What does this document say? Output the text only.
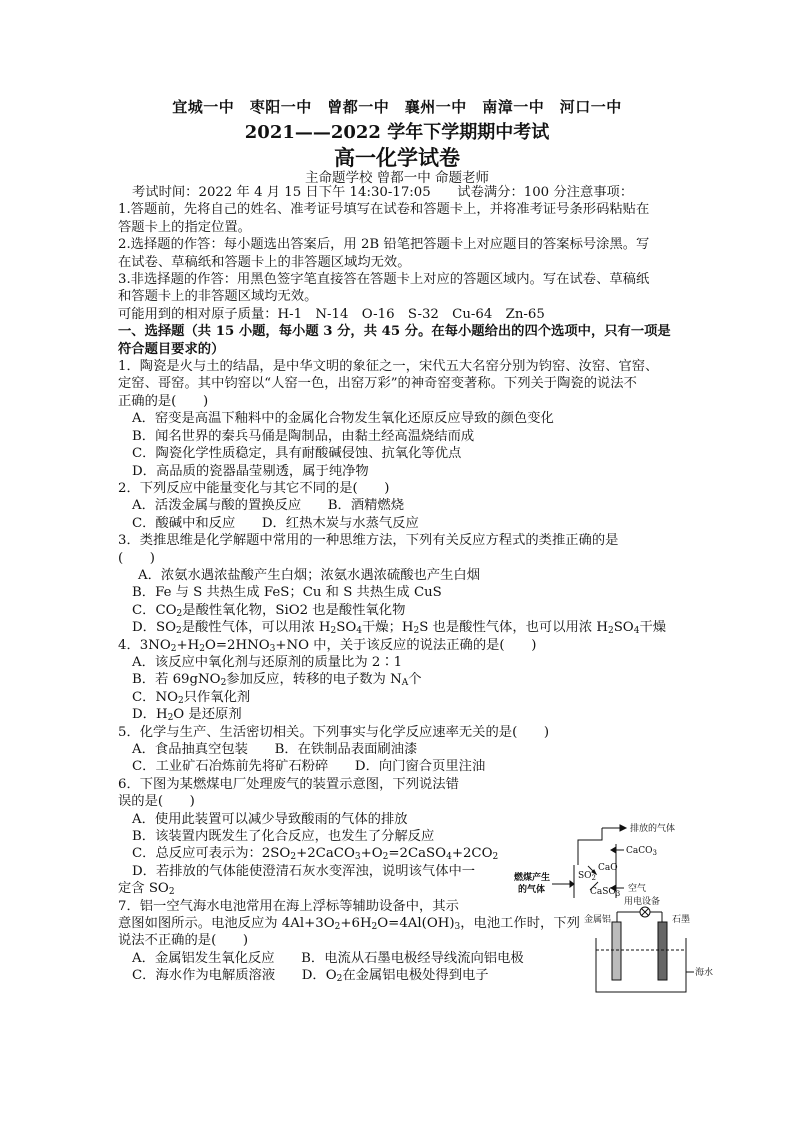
宜城一中　枣阳一中　曾都一中　襄州一中　南漳一中　河口一中
2021——2022 学年下学期期中考试
高一化学试卷
主命题学校 曾都一中 命题老师
考试时间：2022 年 4 月 15 日下午 14:30-17:05　　试卷满分：100 分注意事项：
1.答题前，先将自己的姓名、准考证号填写在试卷和答题卡上，并将准考证号条形码粘贴在
答题卡上的指定位置。
2.选择题的作答：每小题选出答案后，用 2B 铅笔把答题卡上对应题目的答案标号涂黑。写
在试卷、草稿纸和答题卡上的非答题区域均无效。
3.非选择题的作答：用黑色签字笔直接答在答题卡上对应的答题区域内。写在试卷、草稿纸
和答题卡上的非答题区域均无效。
可能用到的相对原子质量：H-1　N-14　O-16　S-32　Cu-64　Zn-65
一、选择题（共 15 小题，每小题 3 分，共 45 分。在每小题给出的四个选项中，只有一项是
符合题目要求的）
1．陶瓷是火与土的结晶，是中华文明的象征之一，宋代五大名窑分别为钧窑、汝窑、官窑、
定窑、哥窑。其中钧窑以“人窑一色，出窑万彩”的神奇窑变著称。下列关于陶瓷的说法不
正确的是(　　)
A．窑变是高温下釉料中的金属化合物发生氧化还原反应导致的颜色变化
B．闻名世界的秦兵马俑是陶制品，由黏土经高温烧结而成
C．陶瓷化学性质稳定，具有耐酸碱侵蚀、抗氧化等优点
D．高品质的瓷器晶莹剔透，属于纯净物
2．下列反应中能量变化与其它不同的是(　　)
A．活泼金属与酸的置换反应　　B．酒精燃烧
C．酸碱中和反应　　D．红热木炭与水蒸气反应
3．类推思维是化学解题中常用的一种思维方法，下列有关反应方程式的类推正确的是
(　　)
A．浓氨水遇浓盐酸产生白烟；浓氨水遇浓硫酸也产生白烟
B．Fe 与 S 共热生成 FeS；Cu 和 S 共热生成 CuS
C．$CO_2$是酸性氧化物，SiO2 也是酸性氧化物
D．$SO_2$是酸性气体，可以用浓 $H_2SO_4$干燥；$H_2S$ 也是酸性气体，也可以用浓 $H_2SO_4$干燥
4．$3NO_2+H_2O=2HNO_3+NO$ 中，关于该反应的说法正确的是(　　)
A．该反应中氧化剂与还原剂的质量比为 2∶1
B．若 69gNO$_2$参加反应，转移的电子数为 $N_A$个
C．$NO_2$只作氧化剂
D．$H_2O$ 是还原剂
5．化学与生产、生活密切相关。下列事实与化学反应速率无关的是(　　)
A．食品抽真空包装　　B．在铁制品表面刷油漆
C．工业矿石冶炼前先将矿石粉碎　　D．向门窗合页里注油
6．下图为某燃煤电厂处理废气的装置示意图，下列说法错
误的是(　　)
A．使用此装置可以减少导致酸雨的气体的排放
B．该装置内既发生了化合反应，也发生了分解反应
C．总反应可表示为：$2SO_2+2CaCO_3+O_2=2CaSO_4+2CO_2$
D．若排放的气体能使澄清石灰水变浑浊，说明该气体中一
定含 $SO_2$
7．铝一空气海水电池常用在海上浮标等辅助设备中，其示
意图如图所示。电池反应为 $4Al+3O_2+6H_2O=4Al(OH)_3$，电池工作时，下列
说法不正确的是(　　)
A．金属铝发生氧化反应　　B．电流从石墨电极经导线流向铝电极
C．海水作为电解质溶液　　D．$O_2$在金属铝电极处得到电子
排放的气体
CaCO$_3$
燃煤产生
的气体
$SO_2$
CaO
CaSO$_3$ 空气
用电设备
金属铝	石墨
海水
